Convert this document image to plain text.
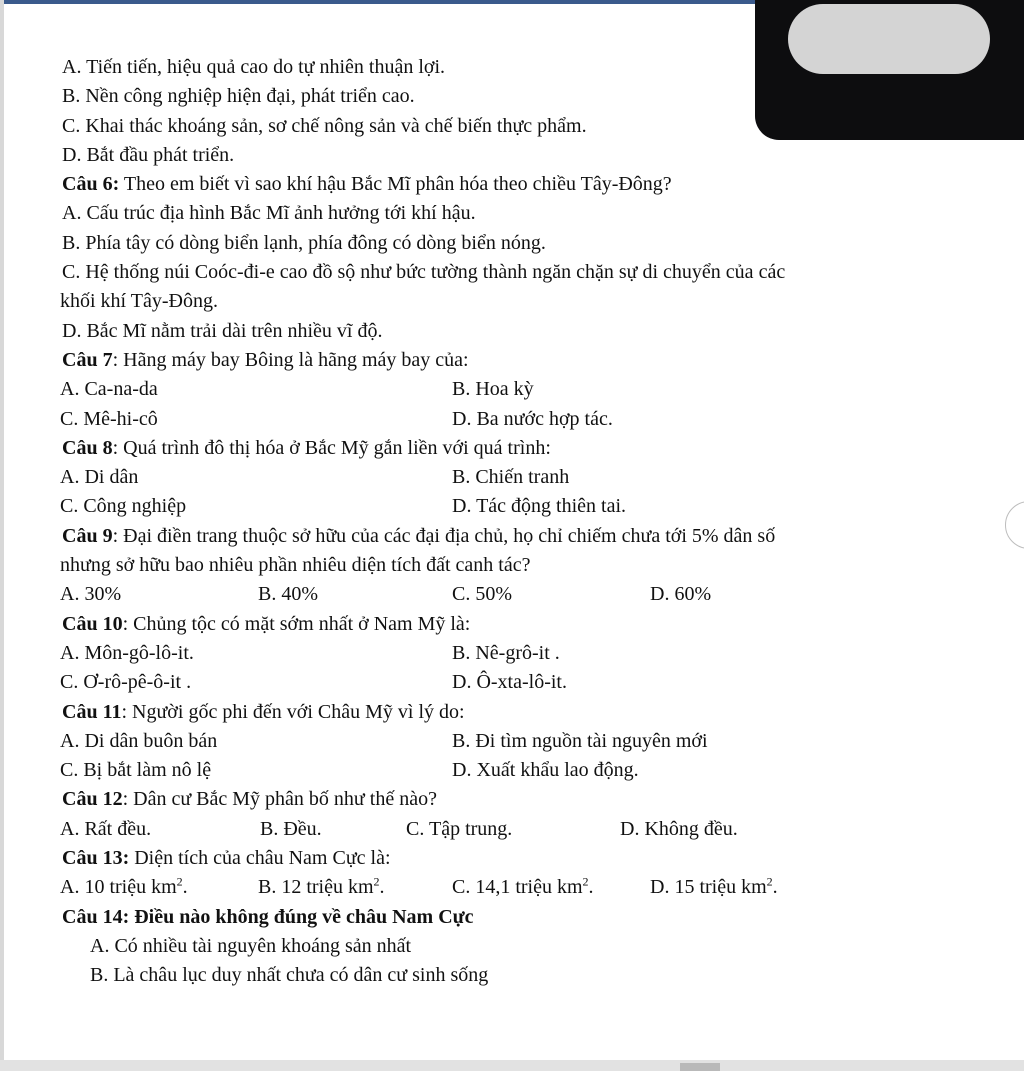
A. Tiến tiến, hiệu quả cao do tự nhiên thuận lợi.
B. Nền công nghiệp hiện đại, phát triển cao.
C. Khai thác khoáng sản, sơ chế nông sản và chế biến thực phẩm.
D. Bắt đầu phát triển.
Câu 6: Theo em biết vì sao khí hậu Bắc Mĩ phân hóa theo chiều Tây-Đông?
A. Cấu trúc địa hình Bắc Mĩ ảnh hưởng tới khí hậu.
B. Phía tây có dòng biển lạnh, phía đông có dòng biển nóng.
C. Hệ thống núi Coóc-đi-e cao đồ sộ như bức tường thành ngăn chặn sự di chuyển của các
khối khí Tây-Đông.
D. Bắc Mĩ nằm trải dài trên nhiều vĩ độ.
Câu 7: Hãng máy bay Bôing là hãng máy bay của:
A. Ca-na-da	B. Hoa kỳ
C. Mê-hi-cô	D. Ba nước hợp tác.
Câu 8: Quá trình đô thị hóa ở Bắc Mỹ gắn liền với quá trình:
A. Di dân	B. Chiến tranh
C. Công nghiệp	D. Tác động thiên tai.
Câu 9: Đại điền trang thuộc sở hữu của các đại địa chủ, họ chỉ chiếm chưa tới 5% dân số
nhưng sở hữu bao nhiêu phần nhiêu diện tích đất canh tác?
A. 30%	B. 40%	C. 50%	D. 60%
Câu 10: Chủng tộc có mặt sớm nhất ở Nam Mỹ là:
A. Môn-gô-lô-it.	B. Nê-grô-it .
C. Ơ-rô-pê-ô-it .	D. Ô-xta-lô-it.
Câu 11: Người gốc phi đến với Châu Mỹ vì lý do:
A. Di dân buôn bán	B. Đi tìm nguồn tài nguyên mới
C. Bị bắt làm nô lệ	D. Xuất khẩu lao động.
Câu 12: Dân cư Bắc Mỹ phân bố như thế nào?
A. Rất đều.	B. Đều.	C. Tập trung.	D. Không đều.
Câu 13: Diện tích của châu Nam Cực là:
A. 10 triệu $km^2$.	B. 12 triệu $km^2$.	C. 14,1 triệu $km^2$.	D. 15 triệu $km^2$.
Câu 14: Điều nào không đúng về châu Nam Cực
A. Có nhiều tài nguyên khoáng sản nhất
B. Là châu lục duy nhất chưa có dân cư sinh sống
